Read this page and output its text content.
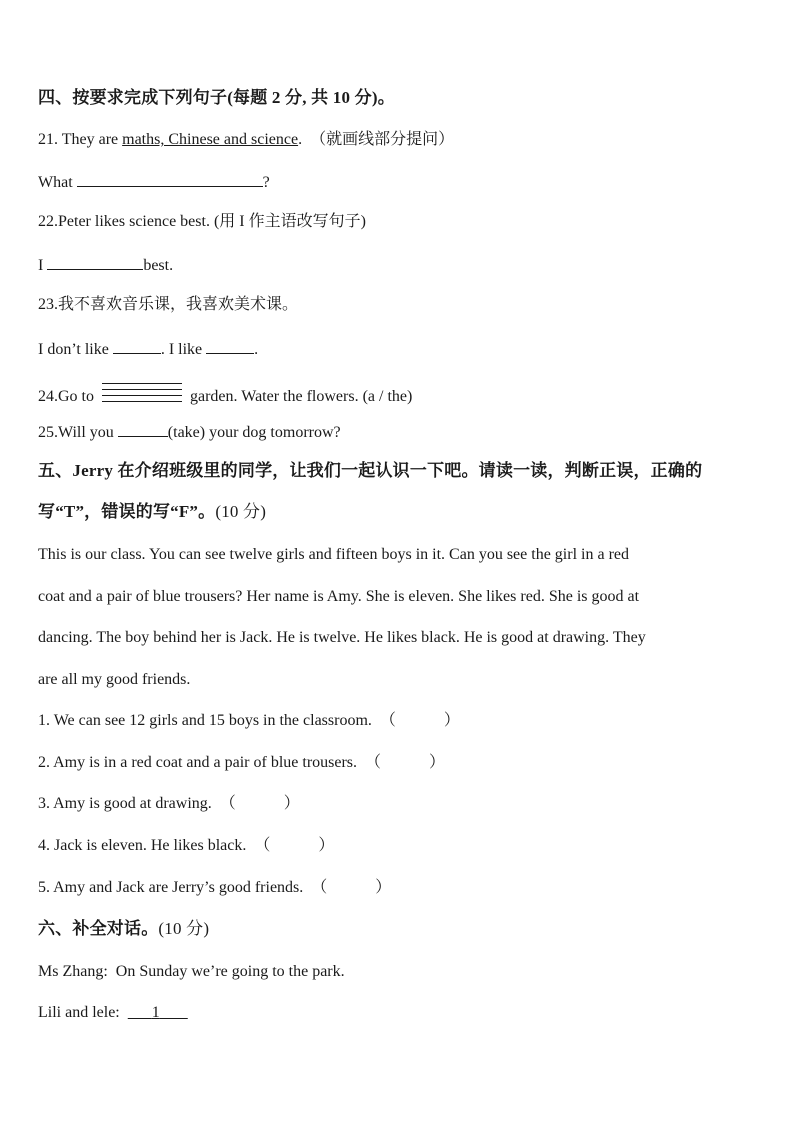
四、按要求完成下列句子(每题 2 分, 共 10 分)。
21. They are maths, Chinese and science. （就画线部分提问）
What	?
22.Peter likes science best. (用 I 作主语改写句子)
I	best.
23.我不喜欢音乐课，我喜欢美术课。
I don’t like	. I like	.
24.Go to	garden. Water the flowers. (a / the)
25.Will you	(take) your dog tomorrow?
五、Jerry 在介绍班级里的同学，让我们一起认识一下吧。请读一读，判断正误，正确的
写“T”，错误的写“F”。(10 分)
This is our class. You can see twelve girls and fifteen boys in it. Can you see the girl in a red
coat and a pair of blue trousers? Her name is Amy. She is eleven. She likes red. She is good at
dancing. The boy behind her is Jack. He is twelve. He likes black. He is good at drawing. They
are all my good friends.
1. We can see 12 girls and 15 boys in the classroom. （	）
2. Amy is in a red coat and a pair of blue trousers. （	）
3. Amy is good at drawing. （	）
4. Jack is eleven. He likes black. （	）
5. Amy and Jack are Jerry’s good friends. （	）
六、补全对话。(10 分)
Ms Zhang: On Sunday we’re going to the park.
Lili and lele: 1
